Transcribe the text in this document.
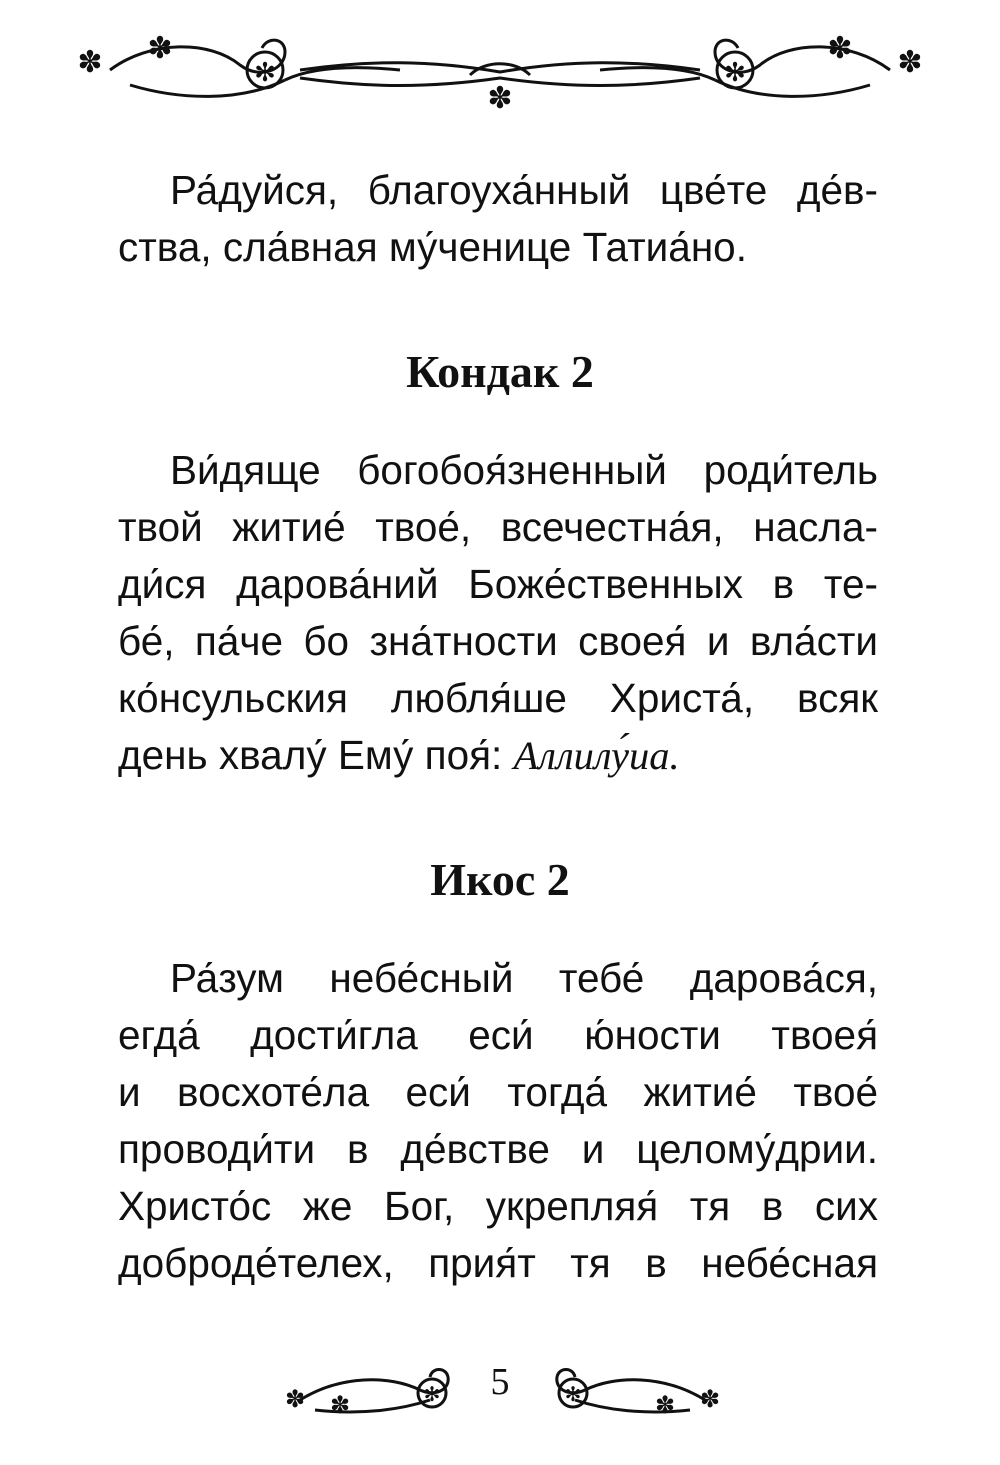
✽ ✽
✻
✽
✻
✽ ✽
Ра́дуйся, благоуха́нный цве́те де́в-
ства, сла́вная му́ченице Татиа́но.
Кондак 2
Ви́дяще богобоя́зненный роди́тель
твой житие́ твое́, всечестна́я, насла-
ди́ся дарова́ний Боже́ственных в те-
бе́, па́че бо зна́тности своея́ и вла́сти
ко́нсульския любля́ше Христа́, всяк
день хвалу́ Ему́ поя́: Аллилу́иа.
Икос 2
Ра́зум небе́сный тебе́ дарова́ся,
егда́ дости́гла еси́ ю́ности твоея́
и восхоте́ла еси́ тогда́ житие́ твое́
проводи́ти в де́встве и целому́дрии.
Христо́с же Бог, укрепляя́ тя в сих
доброде́телех, прия́т тя в небе́сная
✽ ✽	✻	5	✽
✽
✻
